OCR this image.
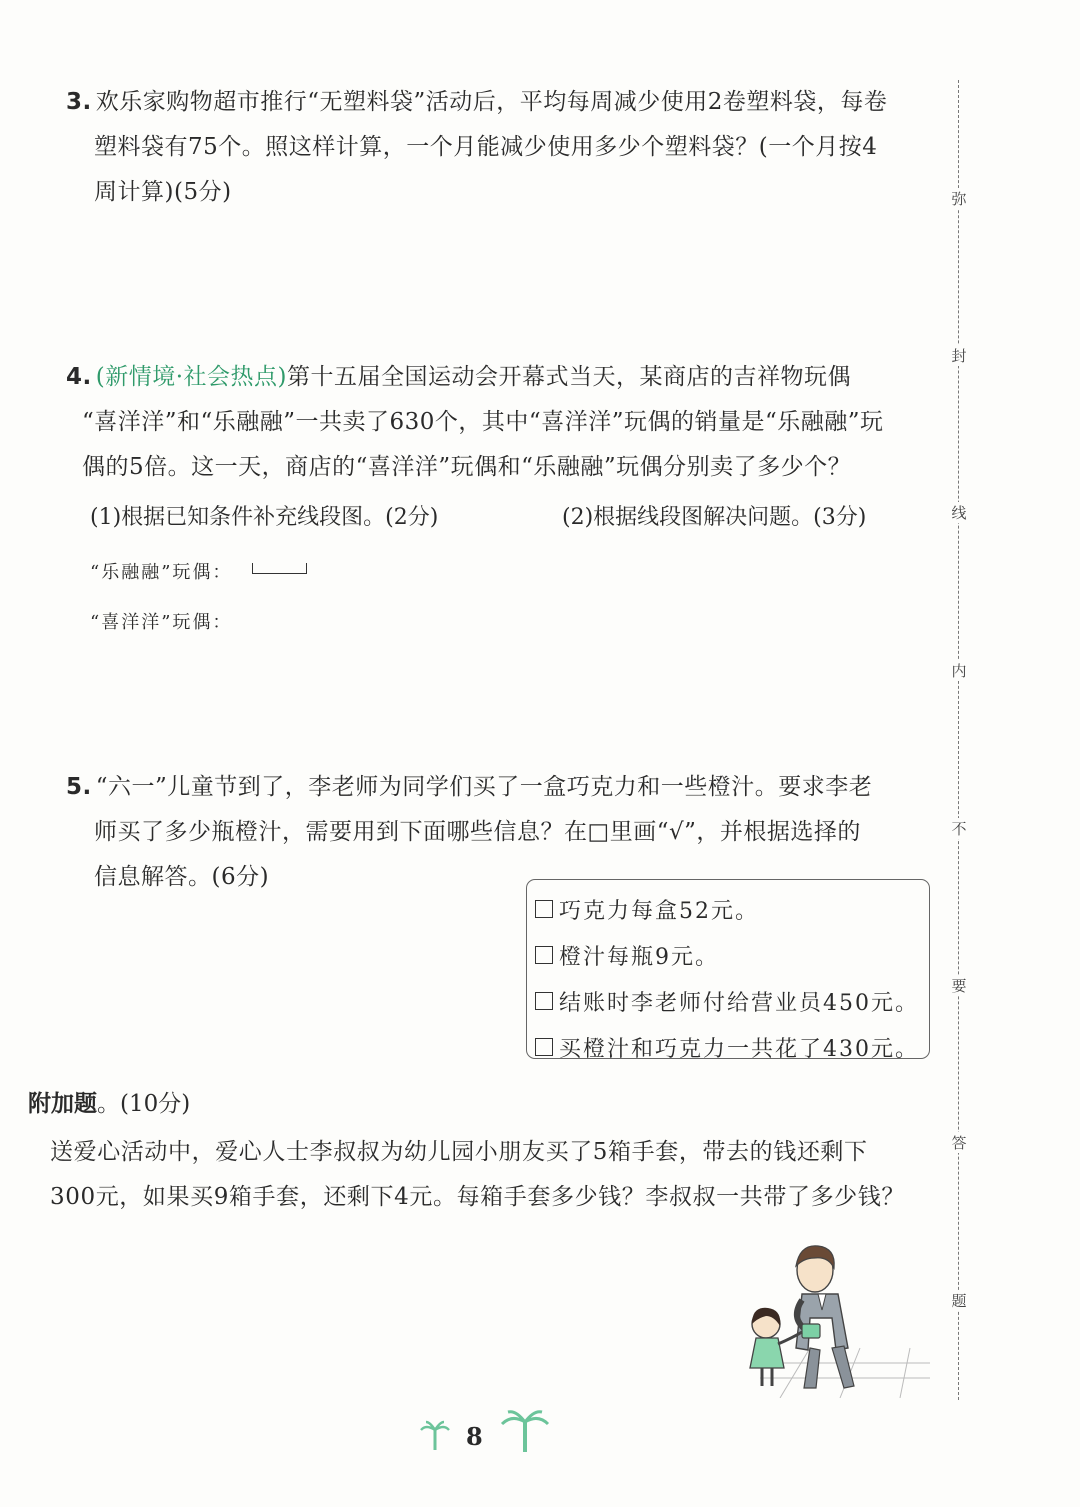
3. 欢乐家购物超市推行“无塑料袋”活动后，平均每周减少使用2卷塑料袋，每卷

塑料袋有75个。照这样计算，一个月能减少使用多少个塑料袋？(一个月按4

周计算)(5分)

4. (新情境·社会热点)第十五届全国运动会开幕式当天，某商店的吉祥物玩偶

“喜洋洋”和“乐融融”一共卖了630个，其中“喜洋洋”玩偶的销量是“乐融融”玩

偶的5倍。这一天，商店的“喜洋洋”玩偶和“乐融融”玩偶分别卖了多少个？

(1)根据已知条件补充线段图。(2分)	(2)根据线段图解决问题。(3分)
“乐融融”玩偶：
“喜洋洋”玩偶：

5. “六一”儿童节到了，李老师为同学们买了一盒巧克力和一些橙汁。要求李老

师买了多少瓶橙汁，需要用到下面哪些信息？在□里画“√”，并根据选择的

信息解答。(6分)

巧克力每盒52元。
橙汁每瓶9元。
结账时李老师付给营业员450元。
买橙汁和巧克力一共花了430元。
附加题。(10分)

送爱心活动中，爱心人士李叔叔为幼儿园小朋友买了5箱手套，带去的钱还剩下

300元，如果买9箱手套，还剩下4元。每箱手套多少钱？李叔叔一共带了多少钱？

弥
封
线
内
不
要
答
题
8
